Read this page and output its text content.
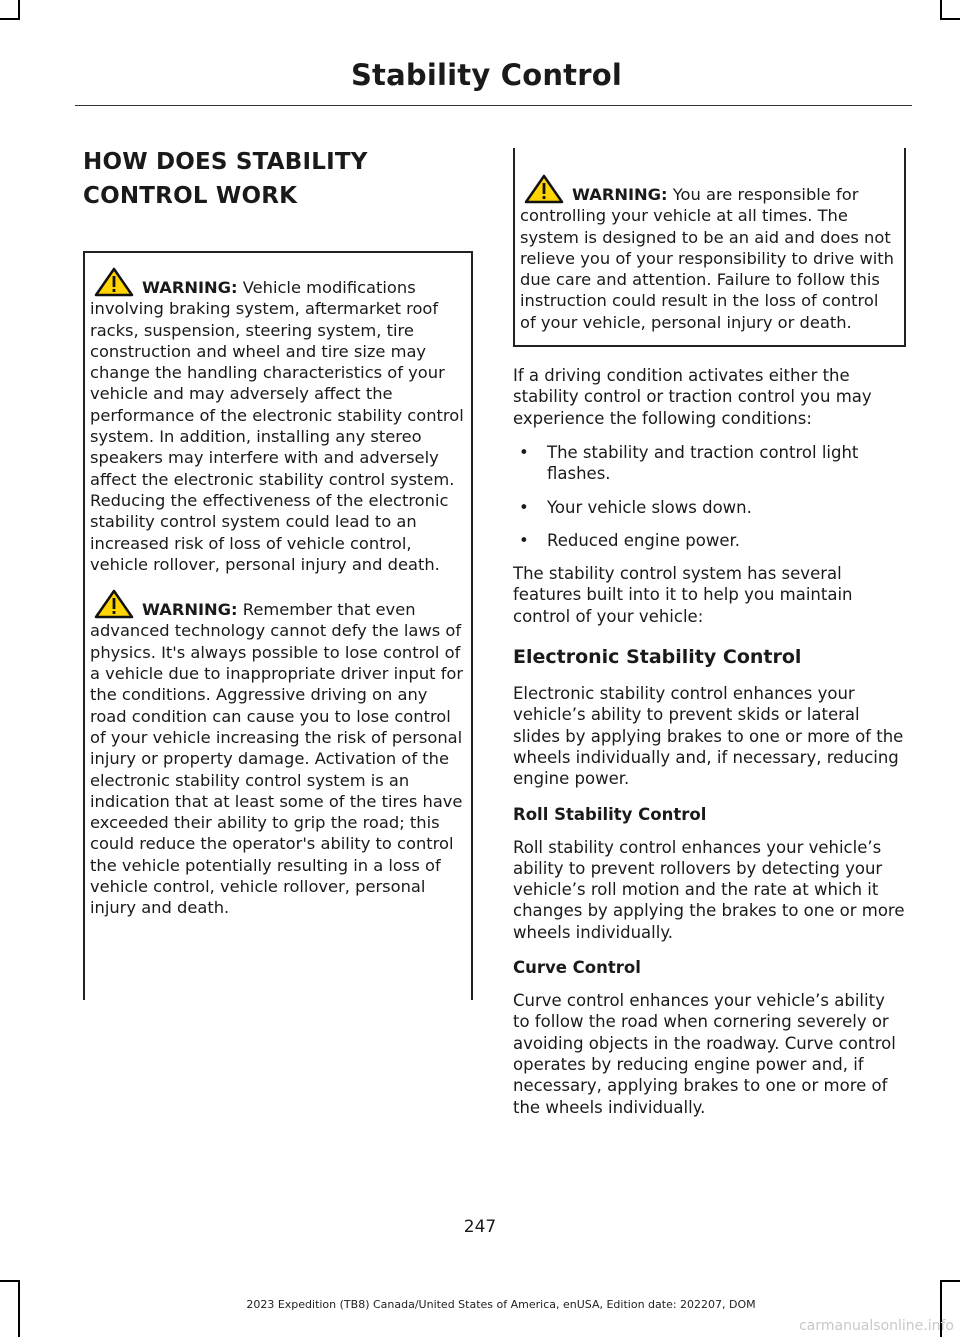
Stability Control
HOW DOES STABILITY
CONTROL WORK

WARNING: Vehicle modifications involving braking system, aftermarket roof racks, suspension, steering system, tire construction and wheel and tire size may change the handling characteristics of your vehicle and may adversely affect the performance of the electronic stability control system. In addition, installing any stereo speakers may interfere with and adversely affect the electronic stability control system. Reducing the effectiveness of the electronic stability control system could lead to an increased risk of loss of vehicle control, vehicle rollover, personal injury and death.

WARNING: Remember that even advanced technology cannot defy the laws of physics. It's always possible to lose control of a vehicle due to inappropriate driver input for the conditions. Aggressive driving on any road condition can cause you to lose control of your vehicle increasing the risk of personal injury or property damage. Activation of the electronic stability control system is an indication that at least some of the tires have exceeded their ability to grip the road; this could reduce the operator's ability to control the vehicle potentially resulting in a loss of vehicle control, vehicle rollover, personal injury and death.

WARNING: You are responsible for controlling your vehicle at all times. The system is designed to be an aid and does not relieve you of your responsibility to drive with due care and attention. Failure to follow this instruction could result in the loss of control of your vehicle, personal injury or death.

If a driving condition activates either the stability control or traction control you may experience the following conditions:

• The stability and traction control light flashes.
• Your vehicle slows down.
• Reduced engine power.

The stability control system has several features built into it to help you maintain control of your vehicle:

Electronic Stability Control

Electronic stability control enhances your vehicle’s ability to prevent skids or lateral slides by applying brakes to one or more of the wheels individually and, if necessary, reducing engine power.

Roll Stability Control

Roll stability control enhances your vehicle’s ability to prevent rollovers by detecting your vehicle’s roll motion and the rate at which it changes by applying the brakes to one or more wheels individually.

Curve Control

Curve control enhances your vehicle’s ability to follow the road when cornering severely or avoiding objects in the roadway. Curve control operates by reducing engine power and, if necessary, applying brakes to one or more of the wheels individually.

247
2023 Expedition (TB8) Canada/United States of America, enUSA, Edition date: 202207, DOM
carmanualsonline.info
